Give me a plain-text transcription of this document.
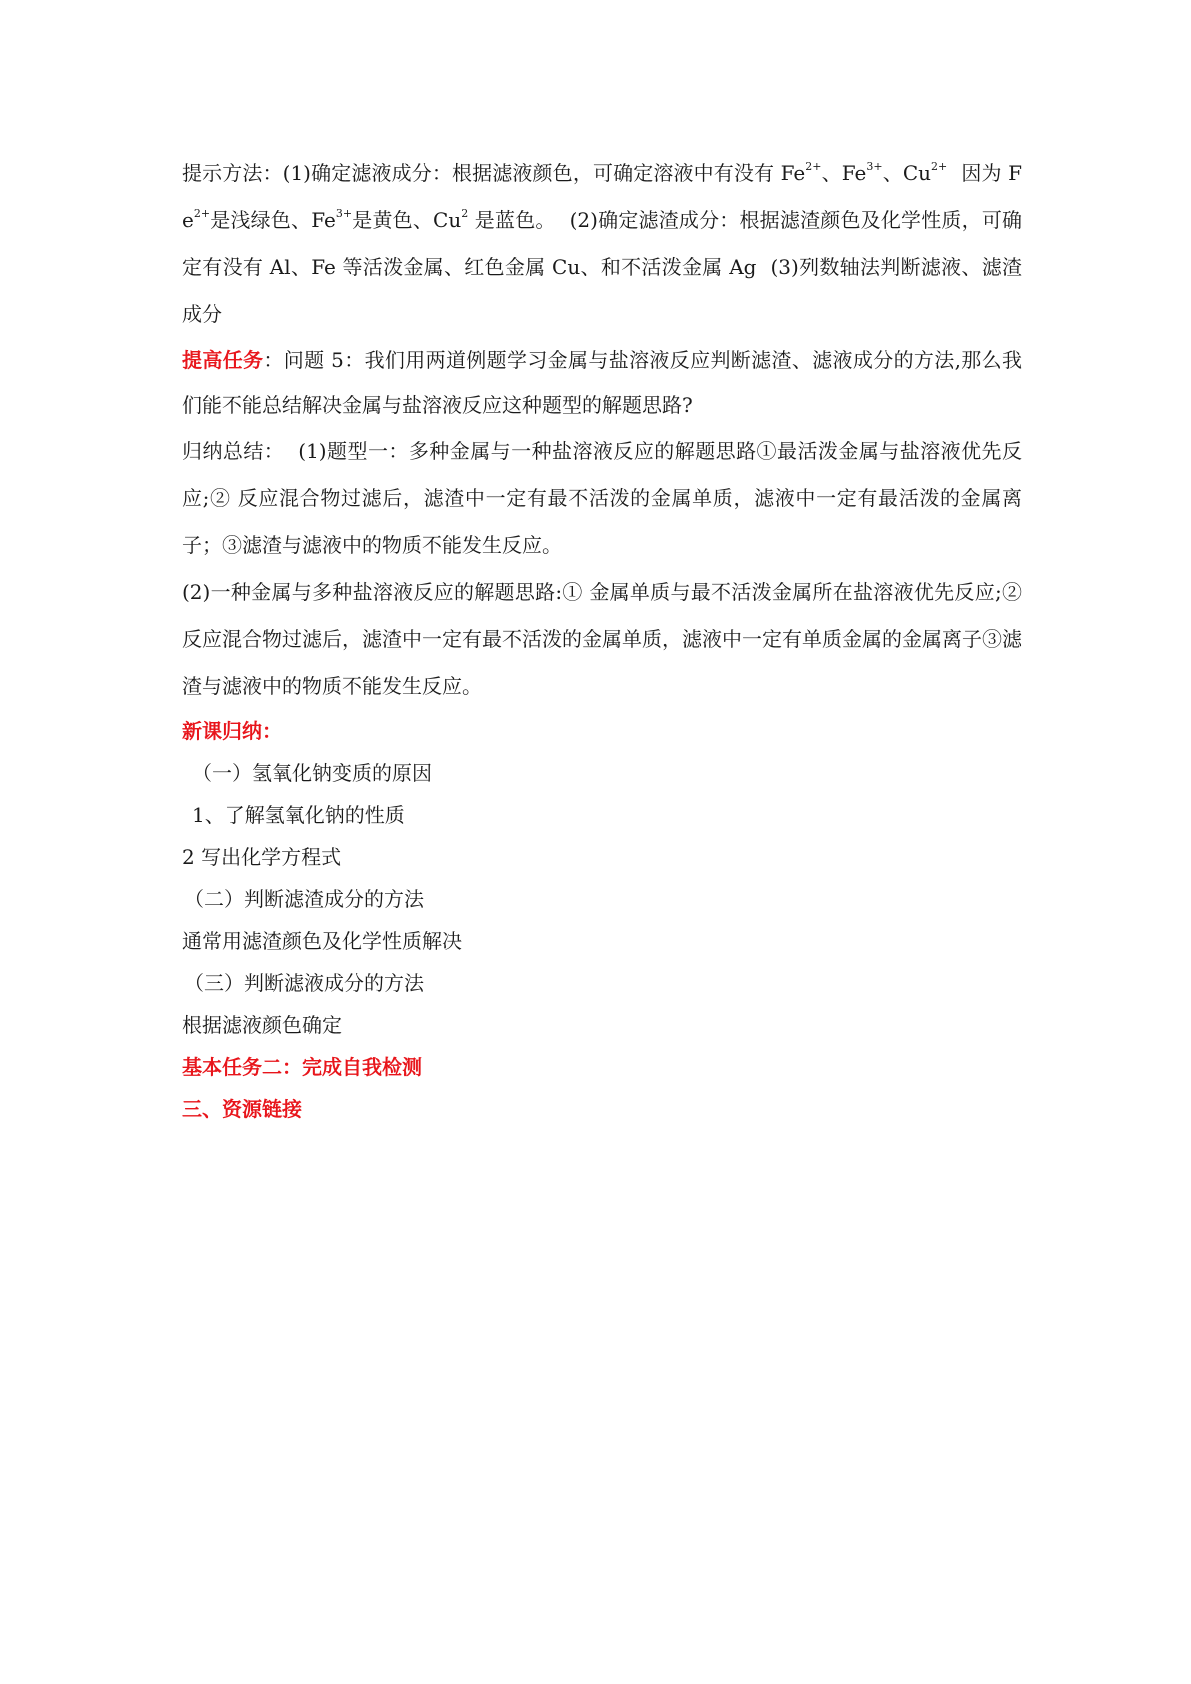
提示方法：(1)确定滤液成分：根据滤液颜色，可确定溶液中有没有 $Fe^{2+}$、$Fe^{3+}$、$Cu^{2+}$ 因为 $Fe^{2+}$是浅绿色、$Fe^{3+}$是黄色、Cu$^2$ 是蓝色。 (2)确定滤渣成分：根据滤渣颜色及化学性质，可确定有没有 Al、Fe 等活泼金属、红色金属 Cu、和不活泼金属 Ag (3)列数轴法判断滤液、滤渣成分

提高任务：问题 5：我们用两道例题学习金属与盐溶液反应判断滤渣、滤液成分的方法,那么我们能不能总结解决金属与盐溶液反应这种题型的解题思路?

归纳总结： (1)题型一：多种金属与一种盐溶液反应的解题思路①最活泼金属与盐溶液优先反应;② 反应混合物过滤后，滤渣中一定有最不活泼的金属单质，滤液中一定有最活泼的金属离子；③滤渣与滤液中的物质不能发生反应。

(2)一种金属与多种盐溶液反应的解题思路:① 金属单质与最不活泼金属所在盐溶液优先反应;② 反应混合物过滤后，滤渣中一定有最不活泼的金属单质，滤液中一定有单质金属的金属离子③滤渣与滤液中的物质不能发生反应。

新课归纳：

（一）氢氧化钠变质的原因

1、了解氢氧化钠的性质

2 写出化学方程式

（二）判断滤渣成分的方法

通常用滤渣颜色及化学性质解决

（三）判断滤液成分的方法

根据滤液颜色确定

基本任务二：完成自我检测

三、资源链接
